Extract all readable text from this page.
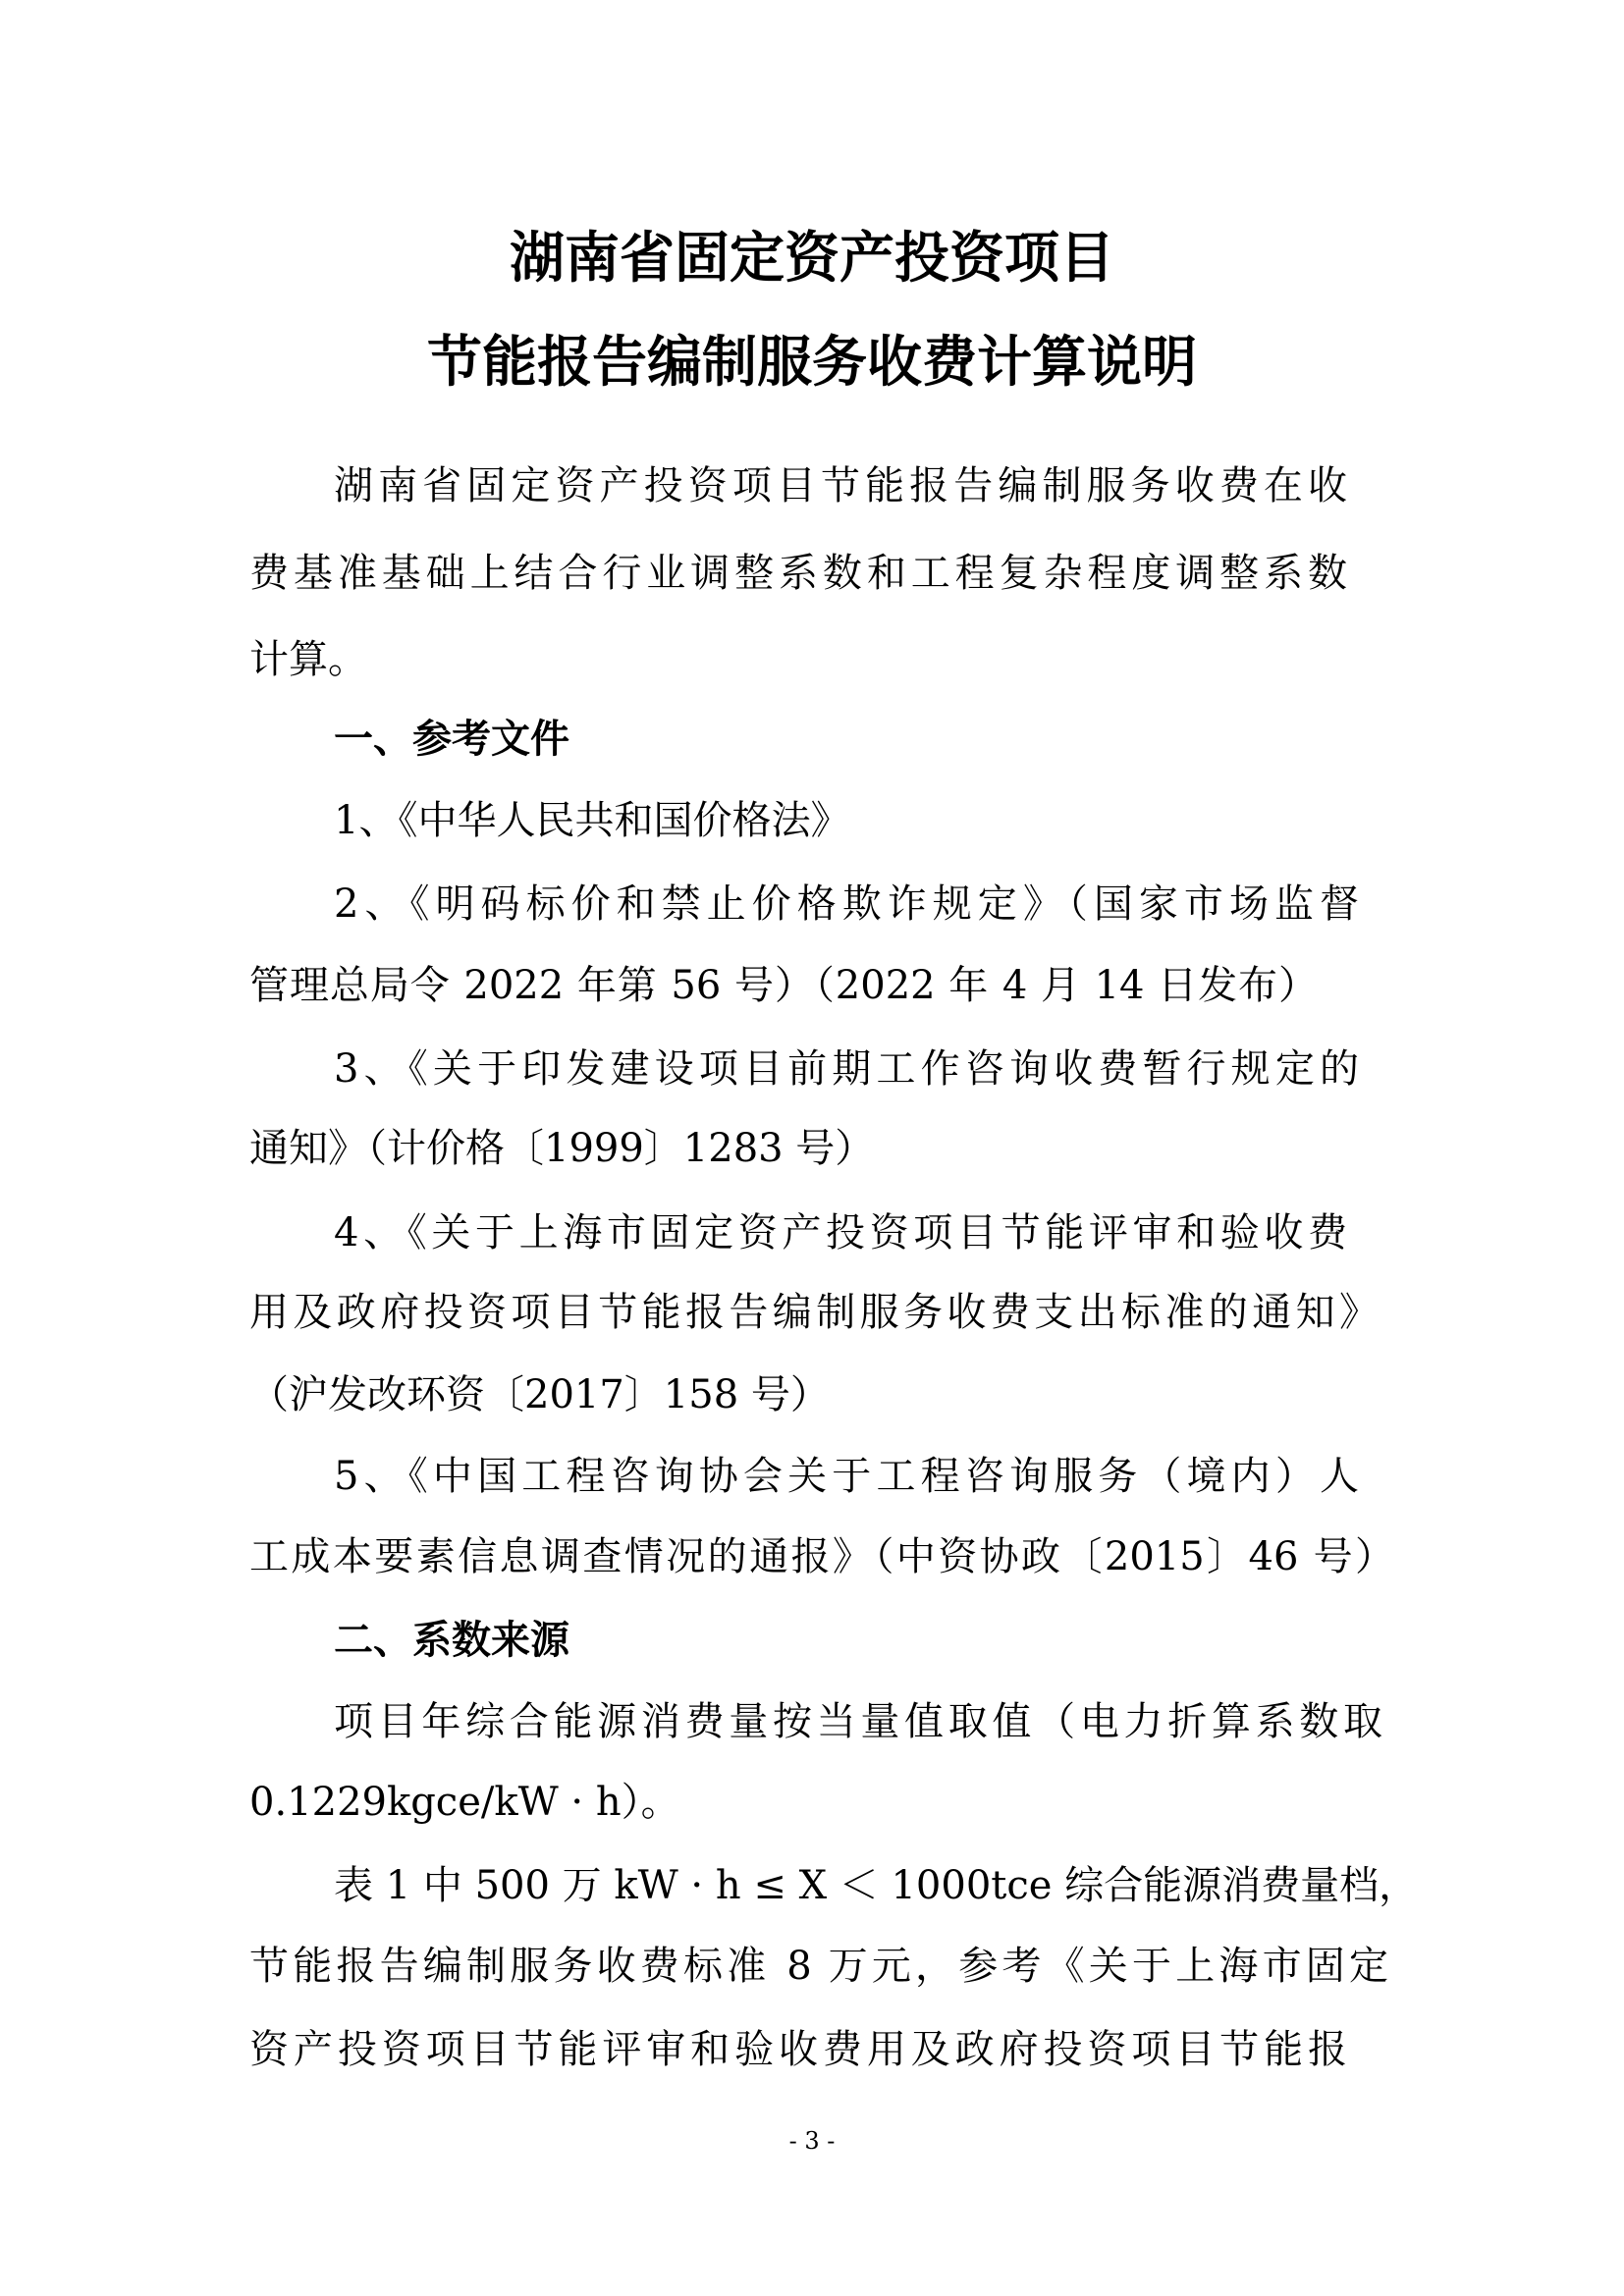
湖南省固定资产投资项目
节能报告编制服务收费计算说明
湖南省固定资产投资项目节能报告编制服务收费在收
费基准基础上结合行业调整系数和工程复杂程度调整系数
计算。
一、参考文件
1、《中华人民共和国价格法》
2、《明码标价和禁止价格欺诈规定》（国家市场监督
管理总局令 2022 年第 56 号）（2022 年 4 月 14 日发布）
3、《关于印发建设项目前期工作咨询收费暂行规定的
通知》（计价格〔1999〕1283 号）
4、《关于上海市固定资产投资项目节能评审和验收费
用及政府投资项目节能报告编制服务收费支出标准的通知》
（沪发改环资〔2017〕158 号）
5、《中国工程咨询协会关于工程咨询服务（境内）人
工成本要素信息调查情况的通报》（中资协政〔2015〕46 号）
二、系数来源
项目年综合能源消费量按当量值取值（电力折算系数取
0.1229kgce/kW · h）。
表 1 中 500 万 kW · h ≤ X ＜ 1000tce 综合能源消费量档，
节能报告编制服务收费标准 8 万元，参考《关于上海市固定
资产投资项目节能评审和验收费用及政府投资项目节能报
- 3 -
